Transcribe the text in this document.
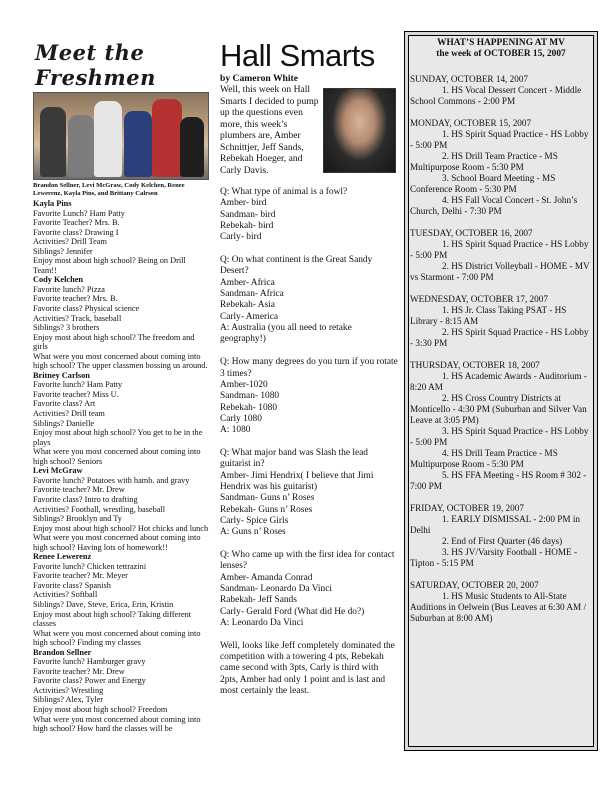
Meet the Freshmen
Brandon Sellner, Levi McGraw, Cody Kelchen, Renee Lewerenz, Kayla Pins, and Brittany Calrson
Kayla Pins
Favorite Lunch? Ham Patty
Favorite Teacher? Mrs. B.
Favorite class? Drawing I
Activities? Drill Team
Siblings? Jennifer
Enjoy most about high school? Being on Drill Team!!
Cody Kelchen
Favorite lunch? Pizza
Favorite teacher? Mrs. B.
Favorite class? Physical science
Activities? Track, baseball
Siblings? 3 brothers
Enjoy most about high school? The freedom and girls
What were you most concerned about coming into high school? The upper classmen bossing us around.
Britney Carlson
Favorite lunch? Ham Patty
Favorite teacher? Miss U.
Favorite class? Art
Activities? Drill team
Siblings? Danielle
Enjoy most about high school? You get to be in the plays
What were you most concerned about coming into high school? Seniors
Levi McGraw
Favorite lunch? Potatoes with hamb. and gravy
Favorite teacher? Mr. Drew
Favorite class? Intro to drafting
Activities? Football, wrestling, baseball
Siblings? Brooklyn and Ty
Enjoy most about high school? Hot chicks and lunch
What were you most concerned about coming into high school? Having lots of homework!!
Renee Lewerenz
Favorite lunch? Chicken tettrazini
Favorite teacher? Mr. Meyer
Favorite class? Spanish
Activities? Softball
Siblings? Dave, Steve, Erica, Erin, Kristin
Enjoy most about high school? Taking different classes
What were you most concerned about coming into high school? Finding my classes
Brandon Sellner
Favorite lunch? Hamburger gravy
Favorite teacher? Mr. Drew
Favorite class? Power and Energy
Activities? Wrestling
Siblings? Alex, Tyler
Enjoy most about high school? Freedom
What were you most concerned about coming into high school? How hard the classes will be
Hall Smarts
by Cameron White
Well, this week on Hall Smarts I decided to pump up the questions even more, this week’s plumbers are, Amber Schnittjer, Jeff Sands, Rebekah Hoeger, and Carly Davis.

Q: What type of animal is a fowl?
Amber- bird
Sandman- bird
Rebekah- bird
Carly- bird

Q: On what continent is the Great Sandy Desert?
Amber- Africa
Sandman- Africa
Rebekah- Asia
Carly- America
A: Australia (you all need to retake geography!)

Q: How many degrees do you turn if you rotate 3 times?
Amber-1020
Sandman- 1080
Rebekah- 1080
Carly 1080
A: 1080

Q: What major band was Slash the lead guitarist in?
Amber- Jimi Hendrix( I believe that Jimi Hendrix was his guitarist)
Sandman- Guns n’ Roses
Rebekah- Guns n’ Roses
Carly- Spice Girls
A: Guns n’ Roses

Q: Who came up with the first idea for contact lenses?
Amber- Amanda Conrad
Sandman- Leonardo Da Vinci
Rabekah- Jeff Sands
Carly- Gerald Ford (What did He do?)
A: Leonardo Da Vinci

Well, looks like Jeff completely dominated the competition with a towering 4 pts, Rebekah came second with 3pts, Carly is third with 2pts, Amber had only 1 point and is last and most certainly the least.

WHAT’S HAPPENING AT MV
the week of OCTOBER 15, 2007
SUNDAY, OCTOBER 14, 2007
1. HS Vocal Dessert Concert - Middle School Commons - 2:00 PM
MONDAY, OCTOBER 15, 2007
1. HS Spirit Squad Practice - HS Lobby - 5:00 PM
2. HS Drill Team Practice - MS Multipurpose Room - 5:30 PM
3. School Board Meeting - MS Conference Room - 5:30 PM
4. HS Fall Vocal Concert - St. John’s Church, Delhi - 7:30 PM
TUESDAY, OCTOBER 16, 2007
1. HS Spirit Squad Practice - HS Lobby - 5:00 PM
2. HS District Volleyball - HOME - MV vs Starmont - 7:00 PM
WEDNESDAY, OCTOBER 17, 2007
1. HS Jr. Class Taking PSAT - HS Library - 8:15 AM
2. HS Spirit Squad Practice - HS Lobby - 3:30 PM
THURSDAY, OCTOBER 18, 2007
1. HS Academic Awards - Auditorium - 8:20 AM
2. HS Cross Country Districts at Monticello - 4:30 PM (Suburban and Silver Van Leave at 3:05 PM)
3. HS Spirit Squad Practice - HS Lobby - 5:00 PM
4. HS Drill Team Practice - MS Multipurpose Room - 5:30 PM
5. HS FFA Meeting - HS Room # 302 - 7:00 PM
FRIDAY, OCTOBER 19, 2007
1. EARLY DISMISSAL - 2:00 PM in Delhi
2. End of First Quarter (46 days)
3. HS JV/Varsity Football - HOME - Tipton - 5:15 PM
SATURDAY, OCTOBER 20, 2007
1. HS Music Students to All-State Auditions in Oelwein (Bus Leaves at 6:30 AM / Suburban at 8:00 AM)
